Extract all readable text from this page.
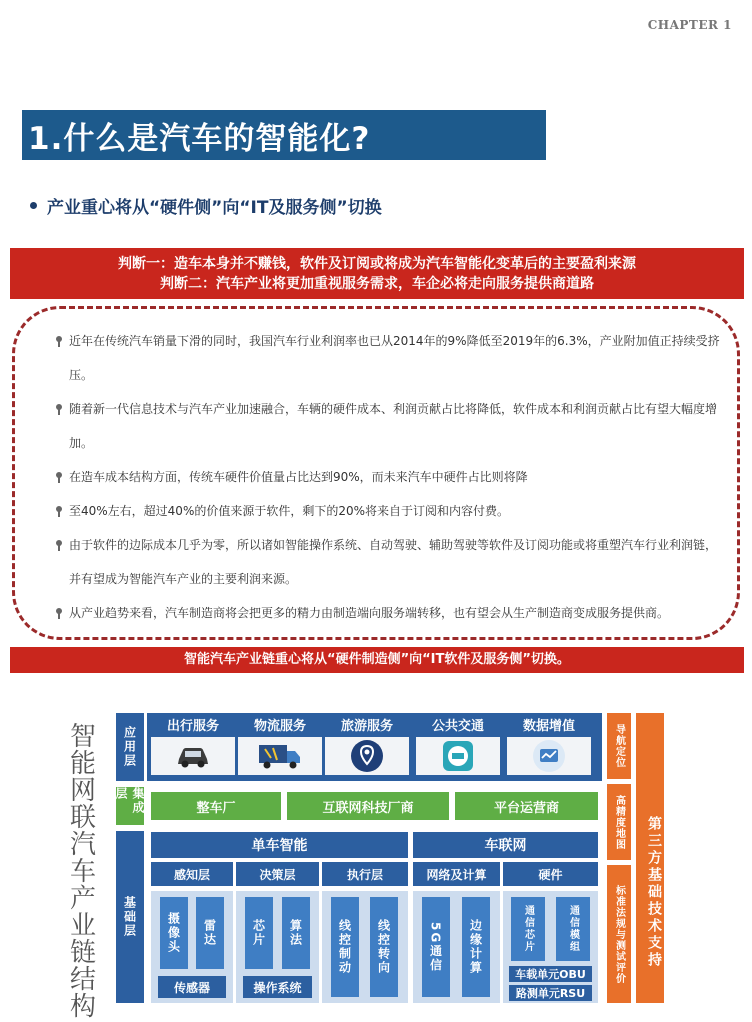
CHAPTER 1
1.什么是汽车的智能化?
产业重心将从“硬件侧”向“IT及服务侧”切换
判断一：造车本身并不赚钱，软件及订阅或将成为汽车智能化变革后的主要盈利来源
判断二：汽车产业将更加重视服务需求，车企必将走向服务提供商道路
近年在传统汽车销量下滑的同时，我国汽车行业利润率也已从2014年的9%降低至2019年的6.3%，产业附加值正持续受挤压。
随着新一代信息技术与汽车产业加速融合，车辆的硬件成本、利润贡献占比将降低，软件成本和利润贡献占比有望大幅度增加。
在造车成本结构方面，传统车硬件价值量占比达到90%，而未来汽车中硬件占比则将降
至40%左右，超过40%的价值来源于软件，剩下的20%将来自于订阅和内容付费。
由于软件的边际成本几乎为零，所以诸如智能操作系统、自动驾驶、辅助驾驶等软件及订阅功能或将重塑汽车行业利润链，并有望成为智能汽车产业的主要利润来源。
从产业趋势来看，汽车制造商将会把更多的精力由制造端向服务端转移，也有望会从生产制造商变成服务提供商。
智能汽车产业链重心将从“硬件制造侧”向“IT软件及服务侧”切换。
智能网联汽车产业链结构
应用层
集成层
基础层
出行服务	物流服务	旅游服务	公共交通	数据增值
整车厂	互联网科技厂商	平台运营商
单车智能	车联网
感知层	决策层	执行层	网络及计算	硬件
摄像头	雷达	芯片	算法	线控制动	线控转向	5G通信	边缘计算	通信芯片	通信模组
传感器	操作系统
车载单元OBU
路测单元RSU
导航定位
高精度地图
标准法规与测试评价	第三方基础技术支持
